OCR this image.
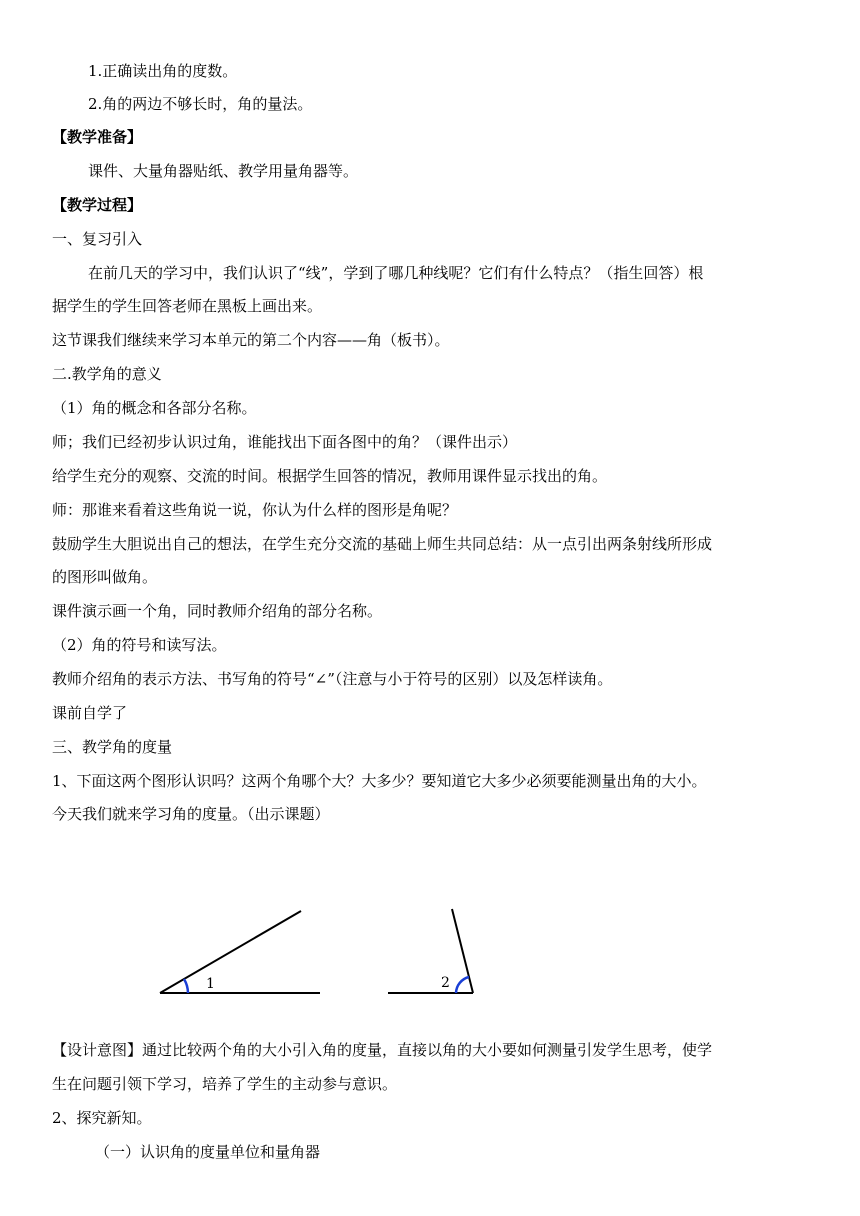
1.正确读出角的度数。
2.角的两边不够长时，角的量法。
【教学准备】
课件、大量角器贴纸、教学用量角器等。
【教学过程】
一、复习引入
在前几天的学习中，我们认识了“线”，学到了哪几种线呢？它们有什么特点？（指生回答）根
据学生的学生回答老师在黑板上画出来。
这节课我们继续来学习本单元的第二个内容——角（板书）。
二.教学角的意义
（1）角的概念和各部分名称。
师；我们已经初步认识过角，谁能找出下面各图中的角？（课件出示）
给学生充分的观察、交流的时间。根据学生回答的情况，教师用课件显示找出的角。
师：那谁来看着这些角说一说，你认为什么样的图形是角呢？
鼓励学生大胆说出自己的想法，在学生充分交流的基础上师生共同总结：从一点引出两条射线所形成
的图形叫做角。
课件演示画一个角，同时教师介绍角的部分名称。
（2）角的符号和读写法。
教师介绍角的表示方法、书写角的符号“∠”（注意与小于符号的区别）以及怎样读角。
课前自学了
三、教学角的度量
1、下面这两个图形认识吗？这两个角哪个大？大多少？要知道它大多少必须要能测量出角的大小。
今天我们就来学习角的度量。（出示课题）
1	2
【设计意图】通过比较两个角的大小引入角的度量，直接以角的大小要如何测量引发学生思考，使学
生在问题引领下学习，培养了学生的主动参与意识。
2、探究新知。
（一）认识角的度量单位和量角器
